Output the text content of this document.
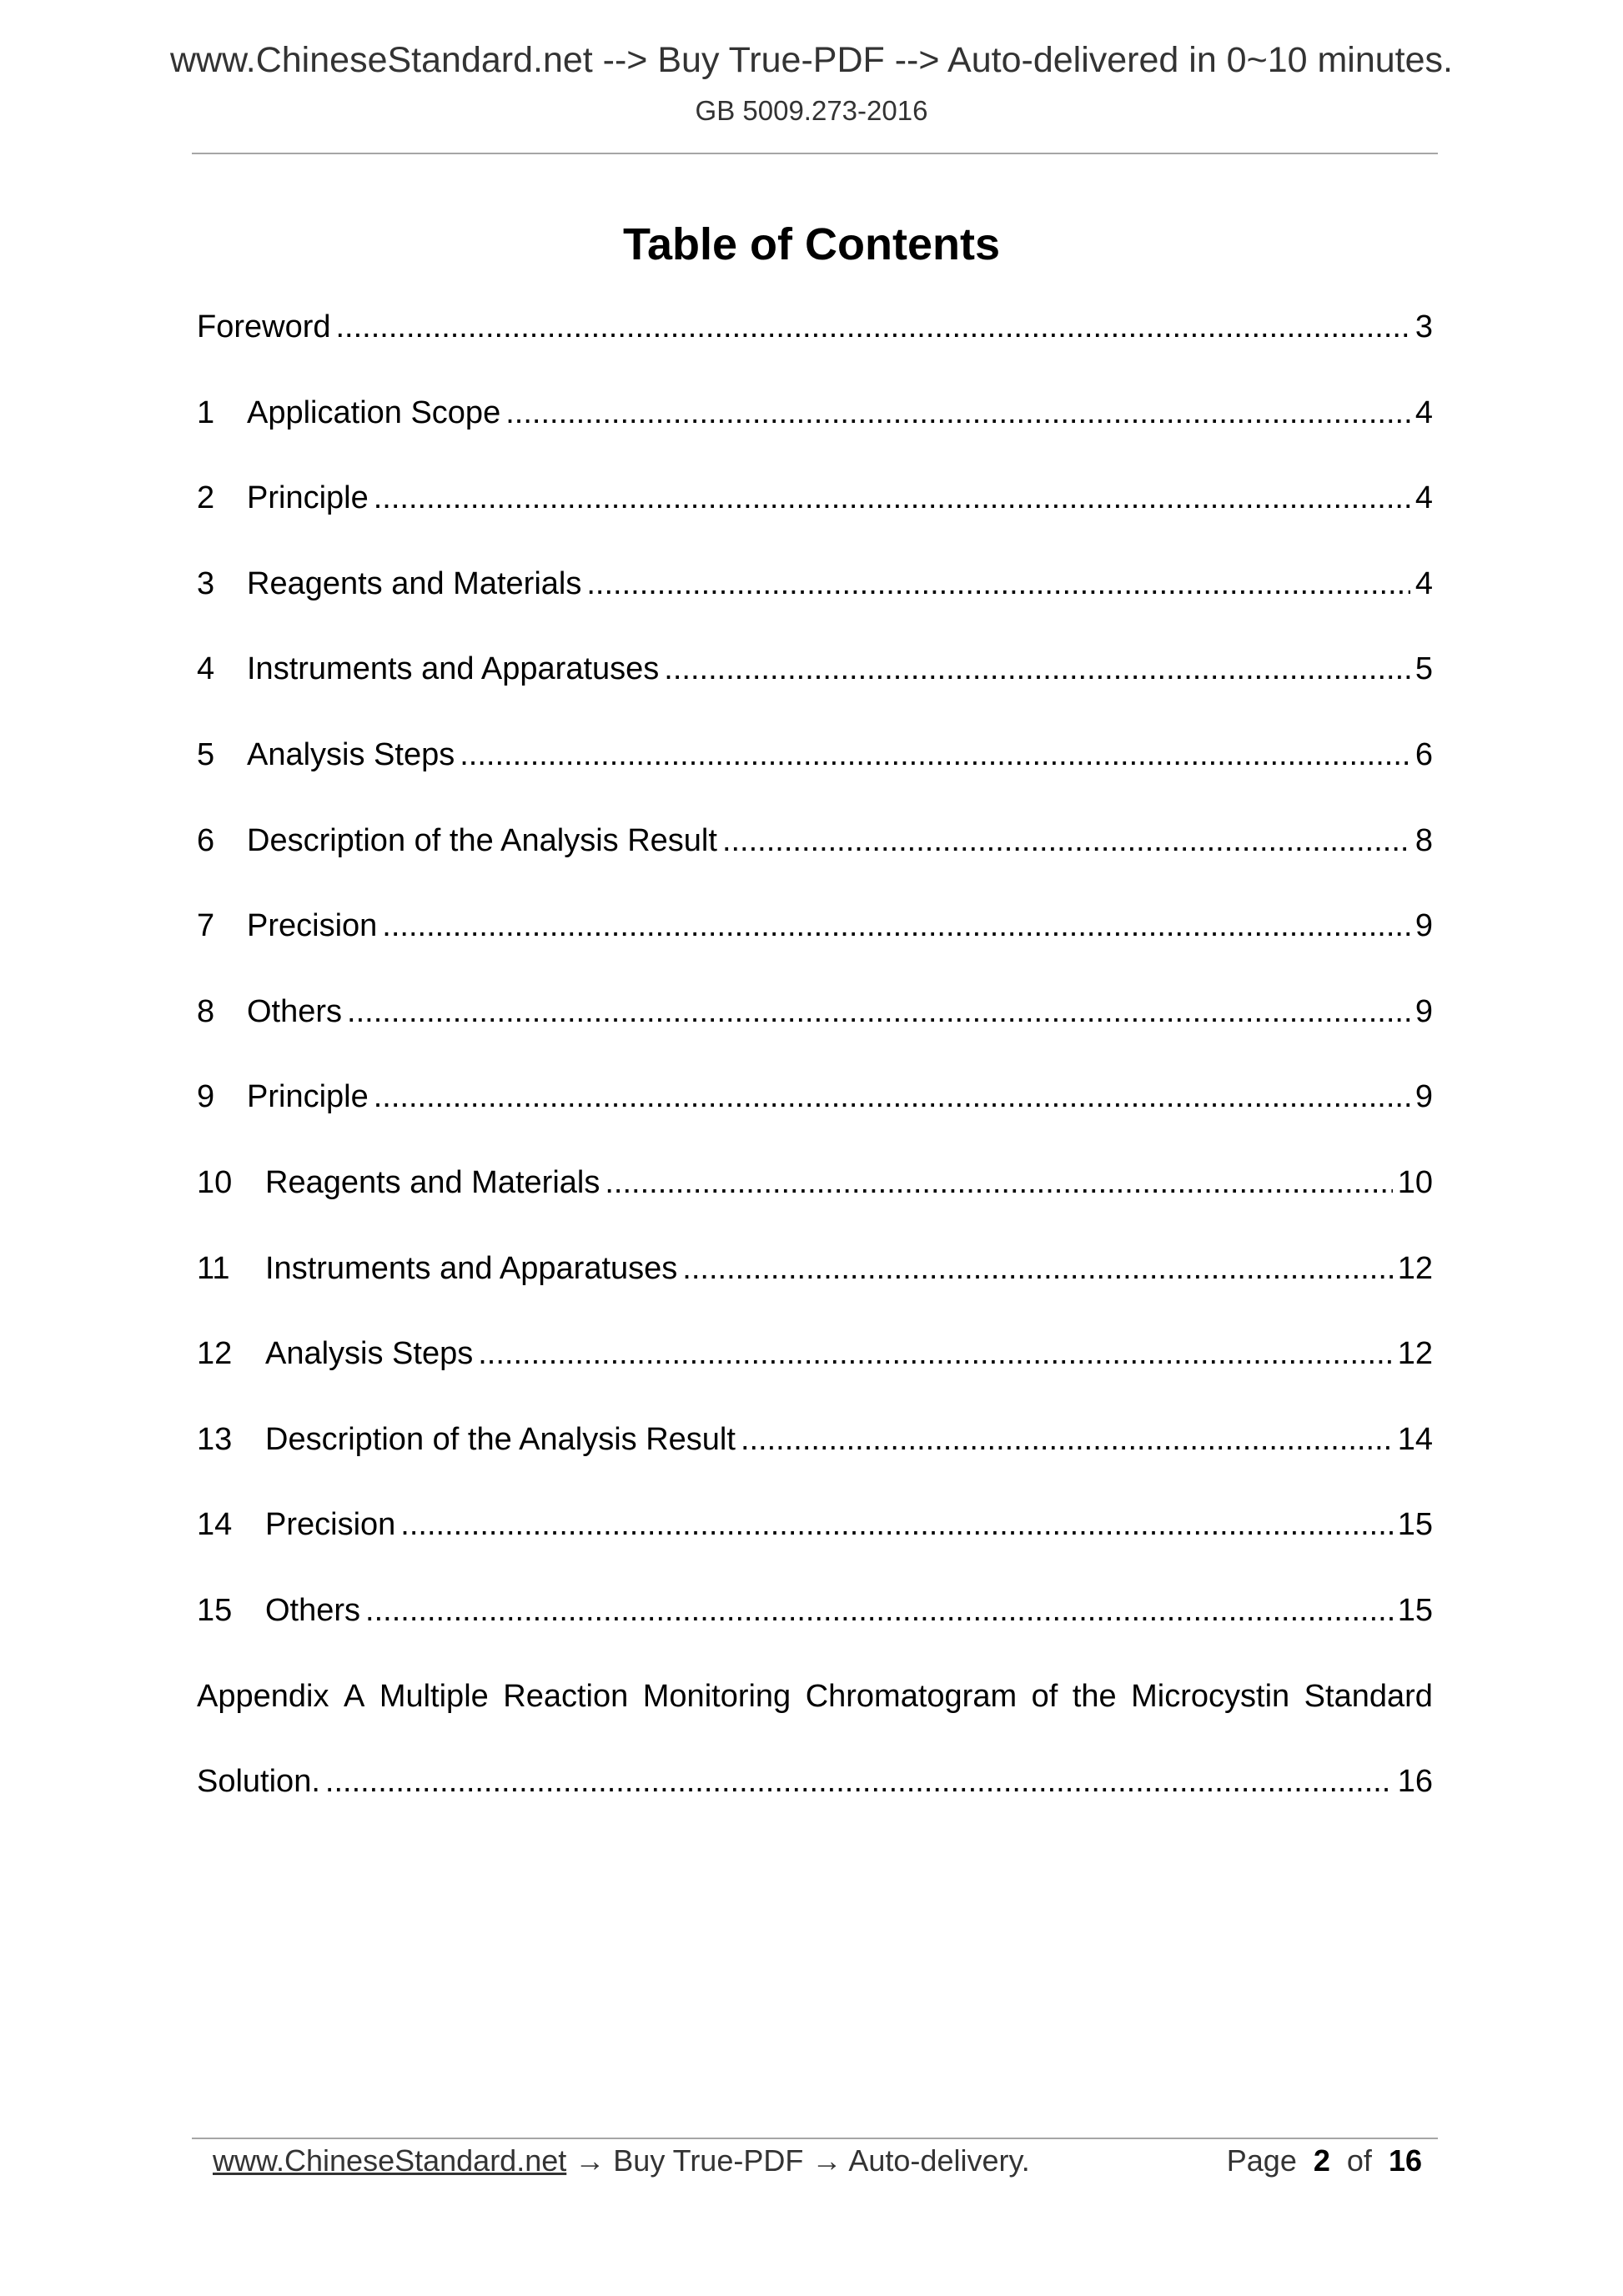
www.ChineseStandard.net --> Buy True-PDF --> Auto-delivered in 0~10 minutes.
GB 5009.273-2016
Table of Contents
Foreword .....	3
1	Application Scope .....	4
2	Principle .....	4
3	Reagents and Materials .....	4
4	Instruments and Apparatuses .....	5
5	Analysis Steps .....	6
6	Description of the Analysis Result .....	8
7	Precision .....	9
8	Others .....	9
9	Principle .....	9
10	Reagents and Materials .....	10
11	Instruments and Apparatuses .....	12
12	Analysis Steps .....	12
13	Description of the Analysis Result .....	14
14	Precision .....	15
15	Others .....	15
Appendix A Multiple Reaction Monitoring Chromatogram of the Microcystin Standard
Solution. .....	16
www.ChineseStandard.net → Buy True-PDF → Auto-delivery.	Page 2 of 16
